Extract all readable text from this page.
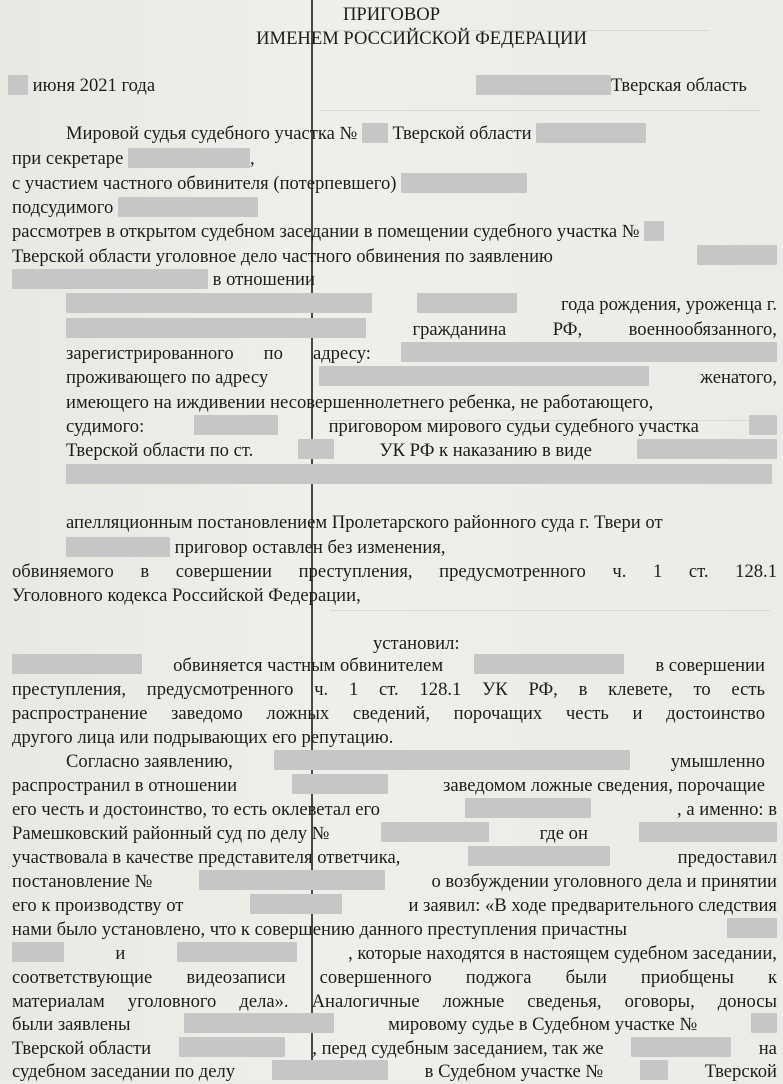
ПРИГОВОР
ИМЕНЕМ РОССИЙСКОЙ ФЕДЕРАЦИИ
июня 2021 года	Тверская область
Мировой судья судебного участка № Тверской области
при секретаре	,
с участием частного обвинителя (потерпевшего)
подсудимого
рассмотрев в открытом судебном заседании в помещении судебного участка №
Тверской области уголовное дело частного обвинения по заявлению
в отношении
года рождения, уроженца г.
гражданина РФ, военнообязанного,
зарегистрированного по адресу:
проживающего по адресу	женатого,
имеющего на иждивении несовершеннолетнего ребенка, не работающего,
судимого:	приговором мирового судьи судебного участка
Тверской области по ст.	УК РФ к наказанию в виде
апелляционным постановлением Пролетарского районного суда г. Твери от
приговор оставлен без изменения,
обвиняемого в совершении преступления, предусмотренного ч. 1 ст. 128.1
Уголовного кодекса Российской Федерации,
установил:
обвиняется частным обвинителем	в совершении
преступления, предусмотренного ч. 1 ст. 128.1 УК РФ, в клевете, то есть
распространение заведомо ложных сведений, порочащих честь и достоинство
другого лица или подрывающих его репутацию.
Согласно заявлению,	умышленно
распространил в отношении	заведомом ложные сведения, порочащие
его честь и достоинство, то есть оклеветал его	, а именно: в
Рамешковский районный суд по делу №	где он
участвовала в качестве представителя ответчика,	предоставил
постановление №	о возбуждении уголовного дела и принятии
его к производству от	и заявил: «В ходе предварительного следствия
нами было установлено, что к совершению данного преступления причастны
и	, которые находятся в настоящем судебном заседании,
соответствующие видеозаписи совершенного поджога были приобщены к
материалам уголовного дела». Аналогичные ложные сведенья, оговоры, доносы
были заявлены	мировому судье в Судебном участке №
Тверской области	, перед судебным заседанием, так же	на
судебном заседании по делу	в Судебном участке №	Тверской
